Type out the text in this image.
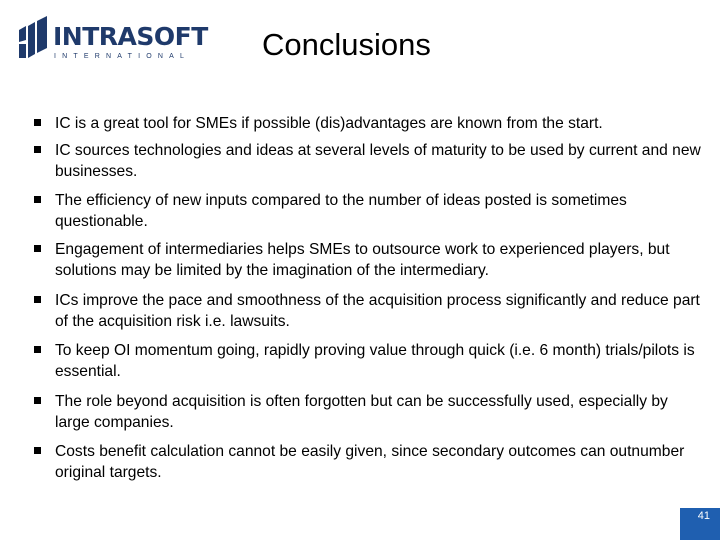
INTRASOFT
INTERNATIONAL Conclusions
IC is a great tool for SMEs if possible (dis)advantages are known from the start.
IC sources technologies and ideas at several levels of maturity to be used by current and new businesses.
The efficiency of new inputs compared to the number of ideas posted is sometimes questionable.
Engagement of intermediaries helps SMEs to outsource work to experienced players, but solutions may be limited by the imagination of the intermediary.
ICs improve the pace and smoothness of the acquisition process significantly and reduce part of the acquisition risk i.e. lawsuits.
To keep OI momentum going, rapidly proving value through quick (i.e. 6 month) trials/pilots is essential.
The role beyond acquisition is often forgotten but can be successfully used, especially by large companies.
Costs benefit calculation cannot be easily given, since secondary outcomes can outnumber original targets.
41
